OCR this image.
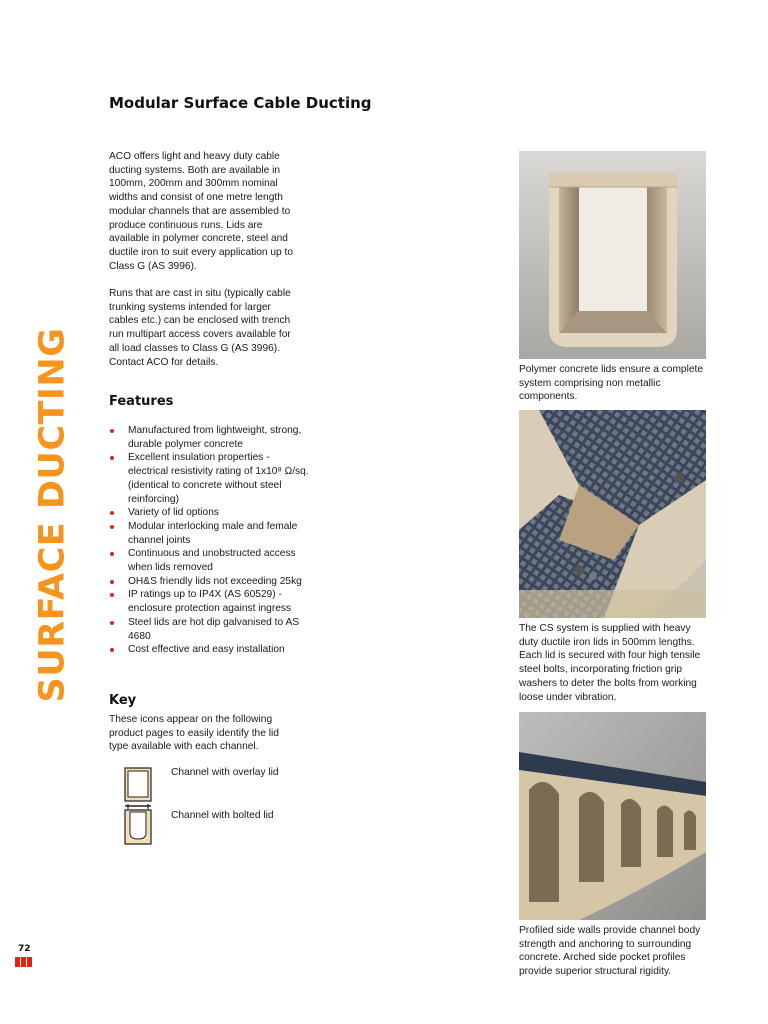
SURFACE DUCTING
Modular Surface Cable Ducting

ACO offers light and heavy duty cable ducting systems. Both are available in 100mm, 200mm and 300mm nominal widths and consist of one metre length modular channels that are assembled to produce continuous runs. Lids are available in polymer concrete, steel and ductile iron to suit every application up to Class G (AS 3996).

Runs that are cast in situ (typically cable trunking systems intended for larger cables etc.) can be enclosed with trench run multipart access covers available for all load classes to Class G (AS 3996). Contact ACO for details.

Features
Manufactured from lightweight, strong, durable polymer concrete
Excellent insulation properties - electrical resistivity rating of 1x10⁸ Ω/sq. (identical to concrete without steel reinforcing)
Variety of lid options
Modular interlocking male and female channel joints
Continuous and unobstructed access when lids removed
OH&S friendly lids not exceeding 25kg
IP ratings up to IP4X (AS 60529) - enclosure protection against ingress
Steel lids are hot dip galvanised to AS 4680
Cost effective and easy installation
Key

These icons appear on the following product pages to easily identify the lid type available with each channel.

Channel with overlay lid
Channel with bolted lid

Polymer concrete lids ensure a complete system comprising non metallic components.

The CS system is supplied with heavy duty ductile iron lids in 500mm lengths. Each lid is secured with four high tensile steel bolts, incorporating friction grip washers to deter the bolts from working loose under vibration.

Profiled side walls provide channel body strength and anchoring to surrounding concrete. Arched side pocket profiles provide superior structural rigidity.

72
